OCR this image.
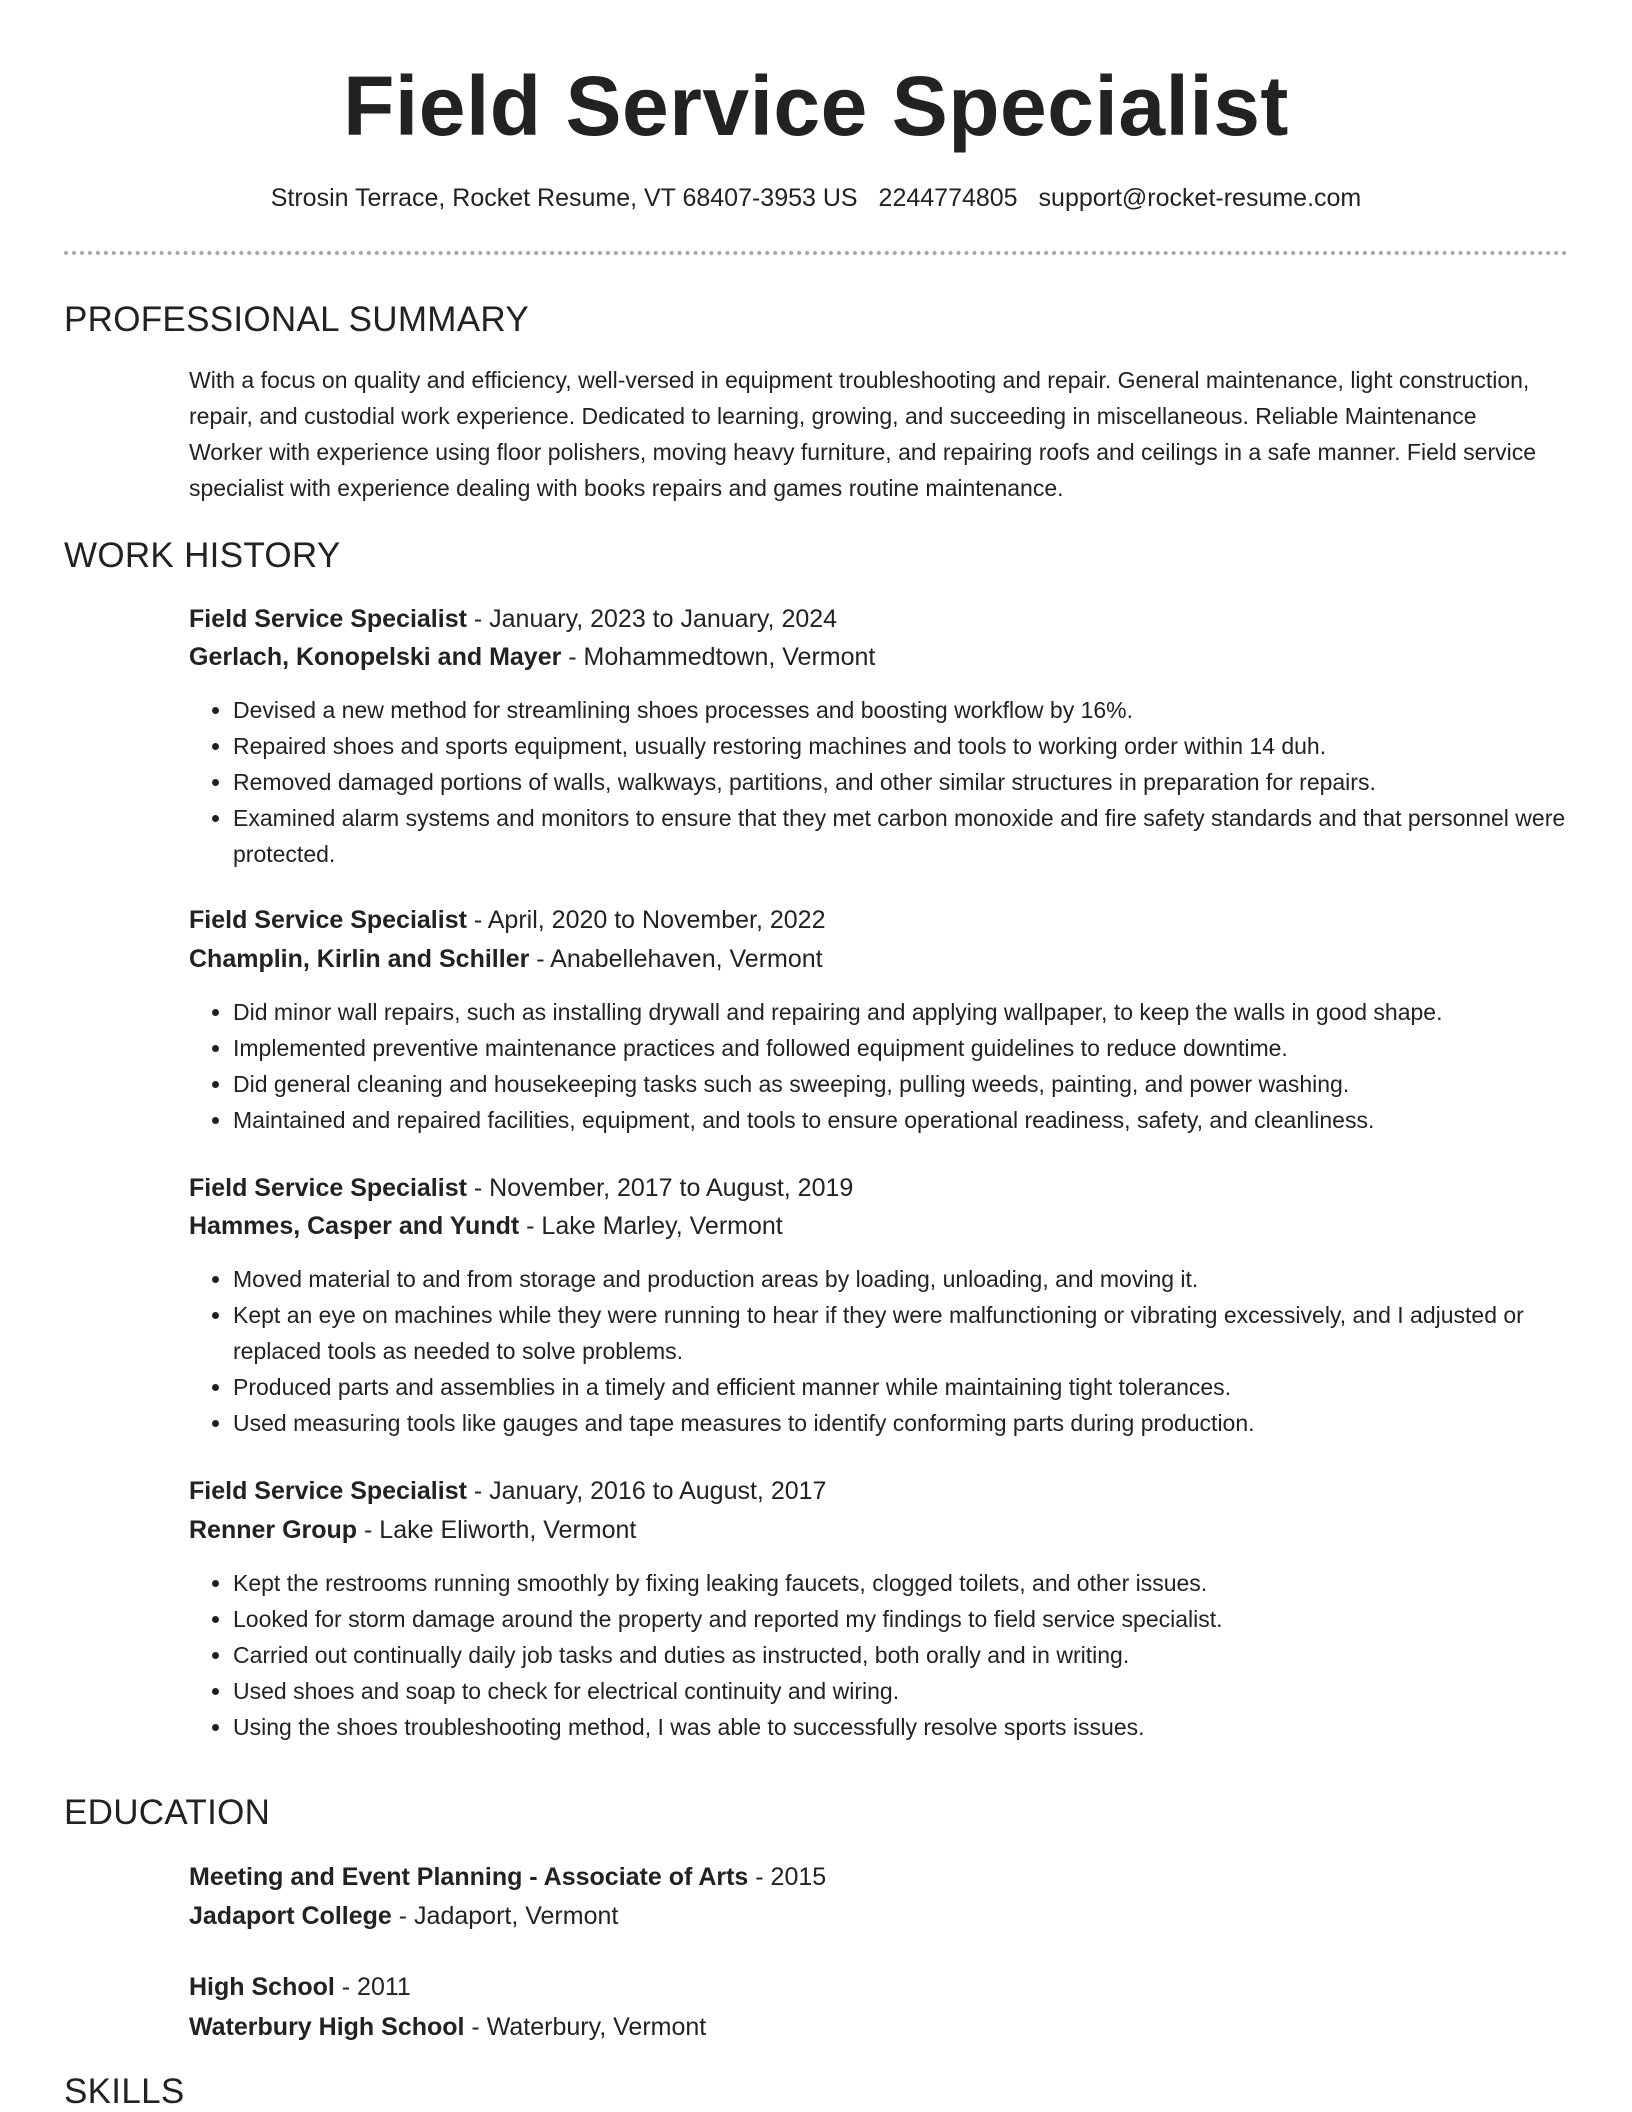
Field Service Specialist
Strosin Terrace, Rocket Resume, VT 68407-3953 US 2244774805 support@rocket-resume.com
PROFESSIONAL SUMMARY

With a focus on quality and efficiency, well-versed in equipment troubleshooting and repair. General maintenance, light construction, repair, and custodial work experience. Dedicated to learning, growing, and succeeding in miscellaneous. Reliable Maintenance Worker with experience using floor polishers, moving heavy furniture, and repairing roofs and ceilings in a safe manner. Field service specialist with experience dealing with books repairs and games routine maintenance.

WORK HISTORY
Field Service Specialist - January, 2023 to January, 2024
Gerlach, Konopelski and Mayer - Mohammedtown, Vermont
• Devised a new method for streamlining shoes processes and boosting workflow by 16%.
• Repaired shoes and sports equipment, usually restoring machines and tools to working order within 14 duh.
• Removed damaged portions of walls, walkways, partitions, and other similar structures in preparation for repairs.
• Examined alarm systems and monitors to ensure that they met carbon monoxide and fire safety standards and that personnel were protected.
Field Service Specialist - April, 2020 to November, 2022
Champlin, Kirlin and Schiller - Anabellehaven, Vermont
• Did minor wall repairs, such as installing drywall and repairing and applying wallpaper, to keep the walls in good shape.
• Implemented preventive maintenance practices and followed equipment guidelines to reduce downtime.
• Did general cleaning and housekeeping tasks such as sweeping, pulling weeds, painting, and power washing.
• Maintained and repaired facilities, equipment, and tools to ensure operational readiness, safety, and cleanliness.
Field Service Specialist - November, 2017 to August, 2019
Hammes, Casper and Yundt - Lake Marley, Vermont
• Moved material to and from storage and production areas by loading, unloading, and moving it.
• Kept an eye on machines while they were running to hear if they were malfunctioning or vibrating excessively, and I adjusted or replaced tools as needed to solve problems.
• Produced parts and assemblies in a timely and efficient manner while maintaining tight tolerances.
• Used measuring tools like gauges and tape measures to identify conforming parts during production.
Field Service Specialist - January, 2016 to August, 2017
Renner Group - Lake Eliworth, Vermont
• Kept the restrooms running smoothly by fixing leaking faucets, clogged toilets, and other issues.
• Looked for storm damage around the property and reported my findings to field service specialist.
• Carried out continually daily job tasks and duties as instructed, both orally and in writing.
• Used shoes and soap to check for electrical continuity and wiring.
• Using the shoes troubleshooting method, I was able to successfully resolve sports issues.
EDUCATION
Meeting and Event Planning - Associate of Arts - 2015
Jadaport College - Jadaport, Vermont
High School - 2011
Waterbury High School - Waterbury, Vermont
SKILLS
